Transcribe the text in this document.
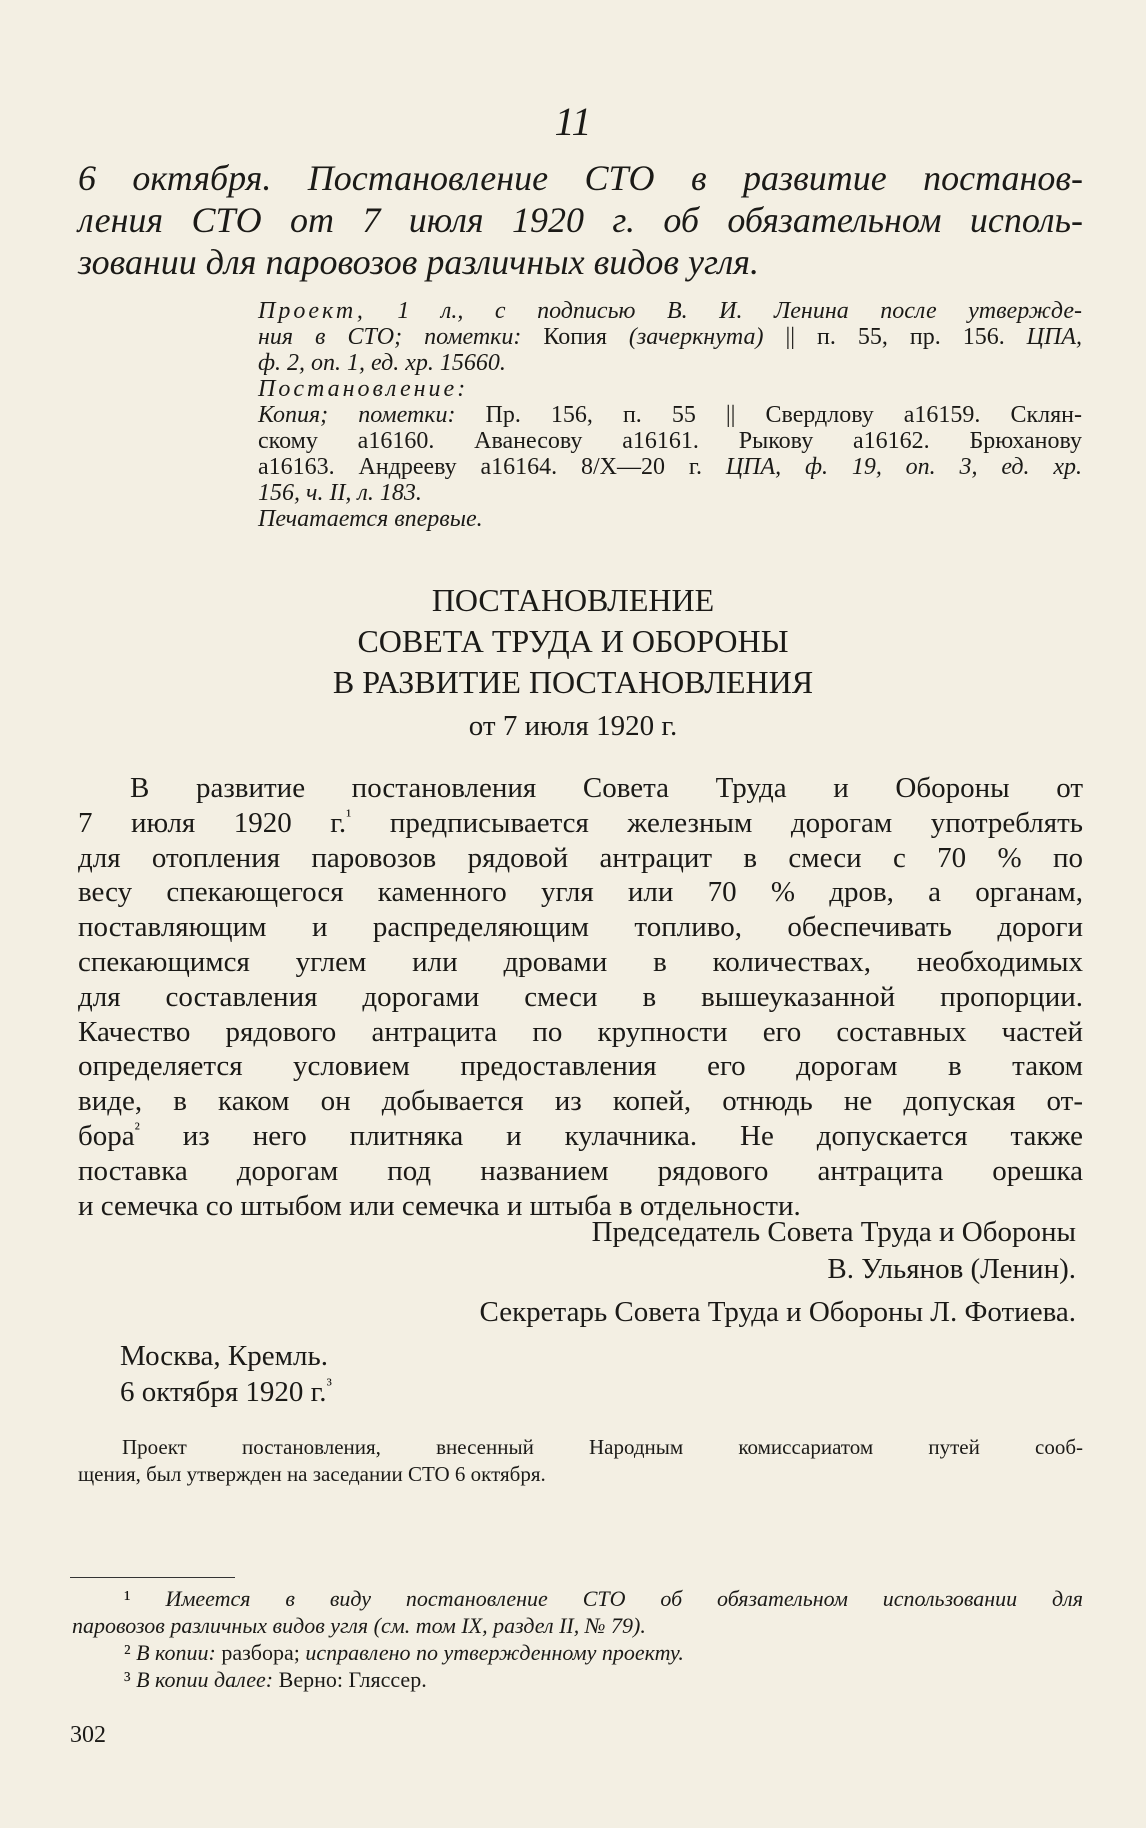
11
6 октября. Постановление СТО в развитие постанов-
ления СТО от 7 июля 1920 г. об обязательном исполь-
зовании для паровозов различных видов угля.
Проект, 1 л., с подписью В. И. Ленина после утвержде-
ния в СТО; пометки: Копия (зачеркнута) || п. 55, пр. 156. ЦПА,
ф. 2, оп. 1, ед. хр. 15660.
Постановление:
Копия; пометки: Пр. 156, п. 55 || Свердлову а16159. Склян-
скому а16160. Аванесову а16161. Рыкову а16162. Брюханову
а16163. Андрееву а16164. 8/X—20 г. ЦПА, ф. 19, оп. 3, ед. хр.
156, ч. II, л. 183.
Печатается впервые.
ПОСТАНОВЛЕНИЕ
СОВЕТА ТРУДА И ОБОРОНЫ
В РАЗВИТИЕ ПОСТАНОВЛЕНИЯ
от 7 июля 1920 г.

В развитие постановления Совета Труда и Обороны от

7 июля 1920 г.$^{^1}$ предписывается железным дорогам употреблять

для отопления паровозов рядовой антрацит в смеси с 70 % по

весу спекающегося каменного угля или 70 % дров, а органам,

поставляющим и распределяющим топливо, обеспечивать дороги

спекающимся углем или дровами в количествах, необходимых

для составления дорогами смеси в вышеуказанной пропорции.

Качество рядового антрацита по крупности его составных частей

определяется условием предоставления его дорогам в таком

виде, в каком он добывается из копей, отнюдь не допуская от-

бора$^{^2}$ из него плитняка и кулачника. Не допускается также

поставка дорогам под названием рядового антрацита орешка

и семечка со штыбом или семечка и штыба в отдельности.

Председатель Совета Труда и Обороны
В. Ульянов (Ленин).
Секретарь Совета Труда и Обороны Л. Фотиева.
Москва, Кремль.
6 октября 1920 г.$^{^3}$
Проект постановления, внесенный Народным комиссариатом путей сооб-
щения, был утвержден на заседании СТО 6 октября.
¹ Имеется в виду постановление СТО об обязательном использовании для
паровозов различных видов угля (см. том IX, раздел II, № 79).
² В копии: разбора; исправлено по утвержденному проекту.
³ В копии далее: Верно: Гляссер.
302
